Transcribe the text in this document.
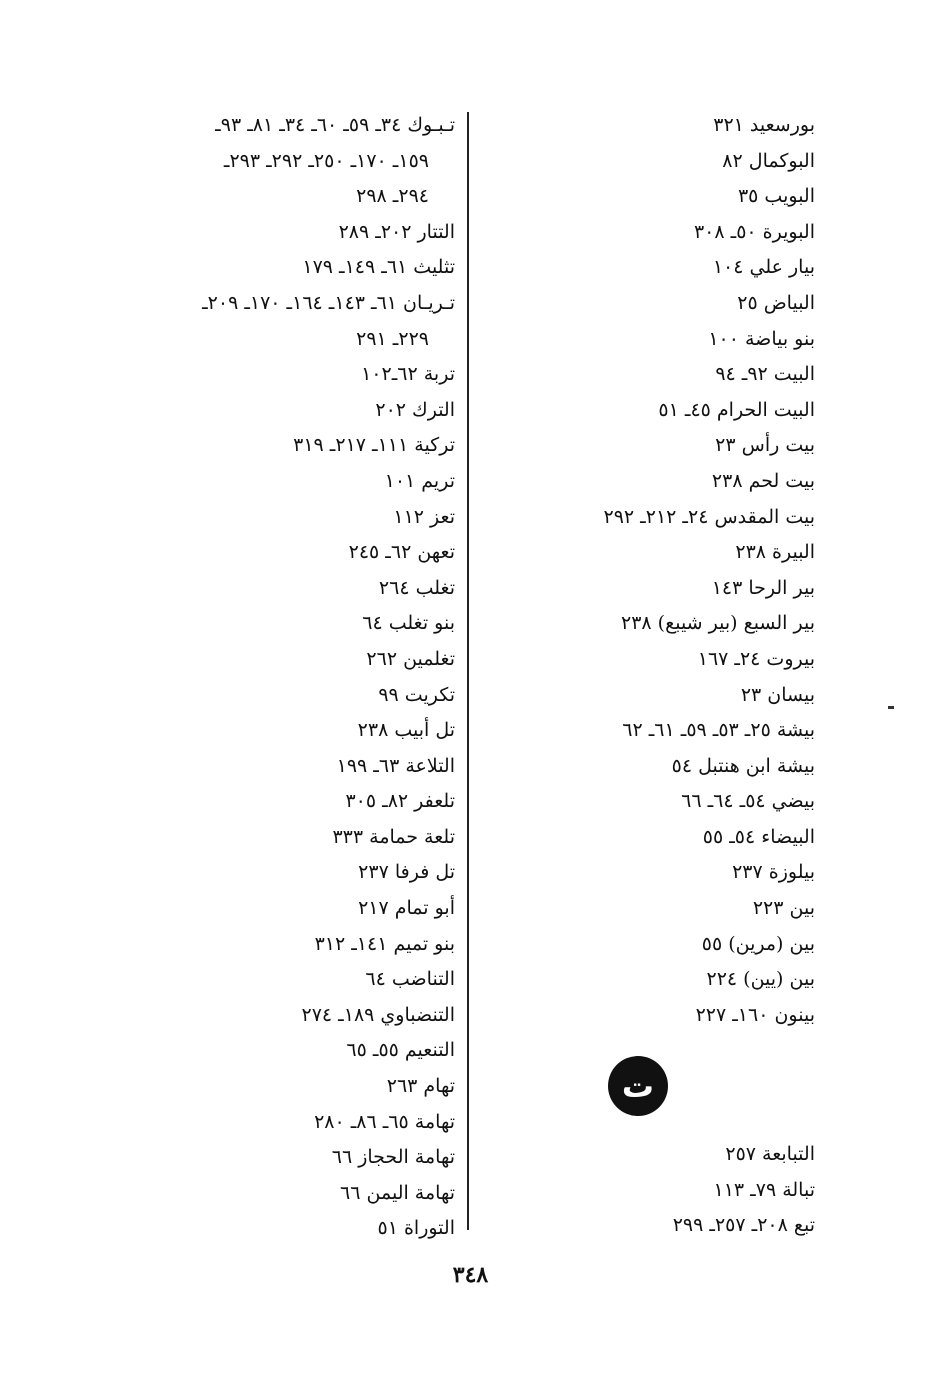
بورسعيد ٣٢١
البوكمال ٨٢
البويب ٣٥
البويرة ٥٠ـ ٣٠٨
بيار علي ١٠٤
البياض ٢٥
بنو بياضة ١٠٠
البيت ٩٢ـ ٩٤
البيت الحرام ٤٥ـ ٥١
بيت رأس ٢٣
بيت لحم ٢٣٨
بيت المقدس ٢٤ـ ٢١٢ـ ٢٩٢
البيرة ٢٣٨
بير الرحا ١٤٣
بير السبع (بير شيبع) ٢٣٨
بيروت ٢٤ـ ١٦٧
بيسان ٢٣
بيشة ٢٥ـ ٥٣ـ ٥٩ـ ٦١ـ ٦٢
بيشة ابن هنتبل ٥٤
بيضي ٥٤ـ ٦٤ـ ٦٦
البيضاء ٥٤ـ ٥٥
بيلوزة ٢٣٧
بين ٢٢٣
بين (مرين) ٥٥
بين (يين) ٢٢٤
بينون ١٦٠ـ ٢٢٧
ت
التبابعة ٢٥٧
تبالة ٧٩ـ ١١٣
تبع ٢٠٨ـ ٢٥٧ـ ٢٩٩
تـبـوك ٣٤ـ ٥٩ـ ٦٠ـ ٣٤ـ ٨١ـ ٩٣ـ
١٥٩ـ ١٧٠ـ ٢٥٠ـ ٢٩٢ـ ٢٩٣ـ
٢٩٤ـ ٢٩٨
التتار ٢٠٢ـ ٢٨٩
تثليث ٦١ـ ١٤٩ـ ١٧٩
تـريـان ٦١ـ ١٤٣ـ ١٦٤ـ ١٧٠ـ ٢٠٩ـ
٢٢٩ـ ٢٩١
تربة ٦٢ـ١٠٢
الترك ٢٠٢
تركية ١١١ـ ٢١٧ـ ٣١٩
تريم ١٠١
تعز ١١٢
تعهن ٦٢ـ ٢٤٥
تغلب ٢٦٤
بنو تغلب ٦٤
تغلمين ٢٦٢
تكريت ٩٩
تل أبيب ٢٣٨
التلاعة ٦٣ـ ١٩٩
تلعفر ٨٢ـ ٣٠٥
تلعة حمامة ٣٣٣
تل فرفا ٢٣٧
أبو تمام ٢١٧
بنو تميم ١٤١ـ ٣١٢
التناضب ٦٤
التنضباوي ١٨٩ـ ٢٧٤
التنعيم ٥٥ـ ٦٥
تهام ٢٦٣
تهامة ٦٥ـ ٨٦ـ ٢٨٠
تهامة الحجاز ٦٦
تهامة اليمن ٦٦
التوراة ٥١
٣٤٨
